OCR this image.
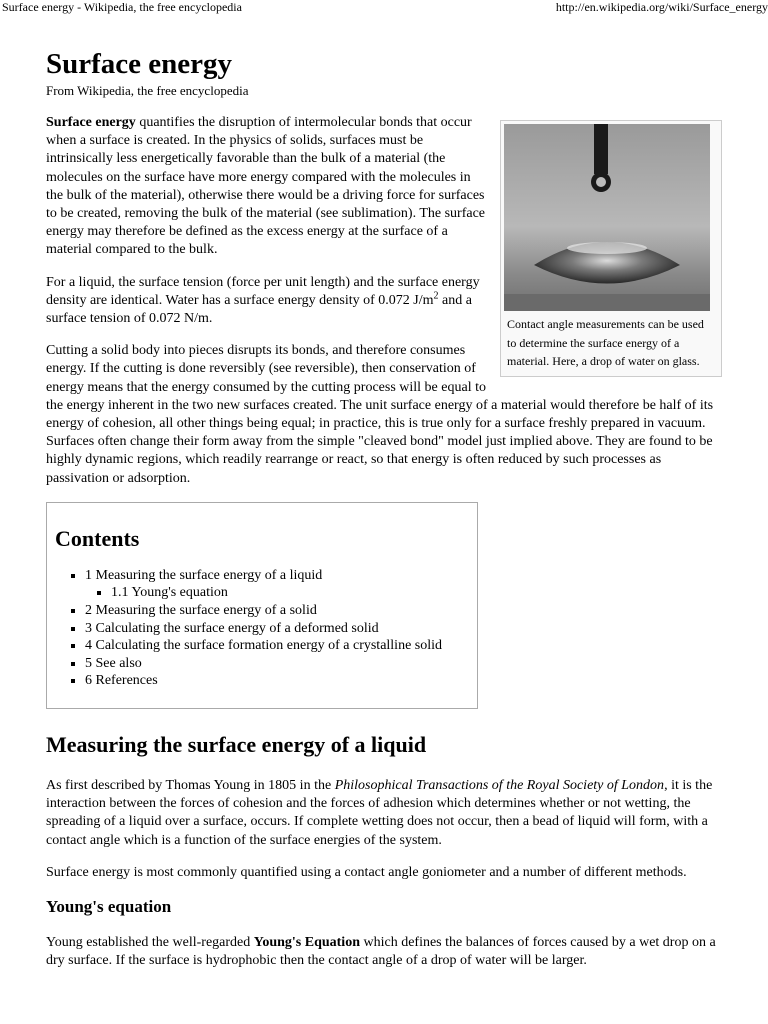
Surface energy - Wikipedia, the free encyclopedia	http://en.wikipedia.org/wiki/Surface_energy
Surface energy
From Wikipedia, the free encyclopedia
Contact angle measurements can be used to determine the surface energy of a material. Here, a drop of water on glass.

Surface energy quantifies the disruption of intermolecular bonds that occur when a surface is created. In the physics of solids, surfaces must be intrinsically less energetically favorable than the bulk of a material (the molecules on the surface have more energy compared with the molecules in the bulk of the material), otherwise there would be a driving force for surfaces to be created, removing the bulk of the material (see sublimation). The surface energy may therefore be defined as the excess energy at the surface of a material compared to the bulk.

For a liquid, the surface tension (force per unit length) and the surface energy density are identical. Water has a surface energy density of 0.072 $J/m^2$ and a surface tension of 0.072 N/m.

Cutting a solid body into pieces disrupts its bonds, and therefore consumes energy. If the cutting is done reversibly (see reversible), then conservation of energy means that the energy consumed by the cutting process will be equal to the energy inherent in the two new surfaces created. The unit surface energy of a material would therefore be half of its energy of cohesion, all other things being equal; in practice, this is true only for a surface freshly prepared in vacuum. Surfaces often change their form away from the simple "cleaved bond" model just implied above. They are found to be highly dynamic regions, which readily rearrange or react, so that energy is often reduced by such processes as passivation or adsorption.

Contents
▪ 1 Measuring the surface energy of a liquid
▪ 1.1 Young's equation
▪ 2 Measuring the surface energy of a solid
▪ 3 Calculating the surface energy of a deformed solid
▪ 4 Calculating the surface formation energy of a crystalline solid
▪ 5 See also
▪ 6 References
Measuring the surface energy of a liquid

As first described by Thomas Young in 1805 in the Philosophical Transactions of the Royal Society of London, it is the interaction between the forces of cohesion and the forces of adhesion which determines whether or not wetting, the spreading of a liquid over a surface, occurs. If complete wetting does not occur, then a bead of liquid will form, with a contact angle which is a function of the surface energies of the system.

Surface energy is most commonly quantified using a contact angle goniometer and a number of different methods.

Young's equation

Young established the well-regarded Young's Equation which defines the balances of forces caused by a wet drop on a dry surface. If the surface is hydrophobic then the contact angle of a drop of water will be larger.
